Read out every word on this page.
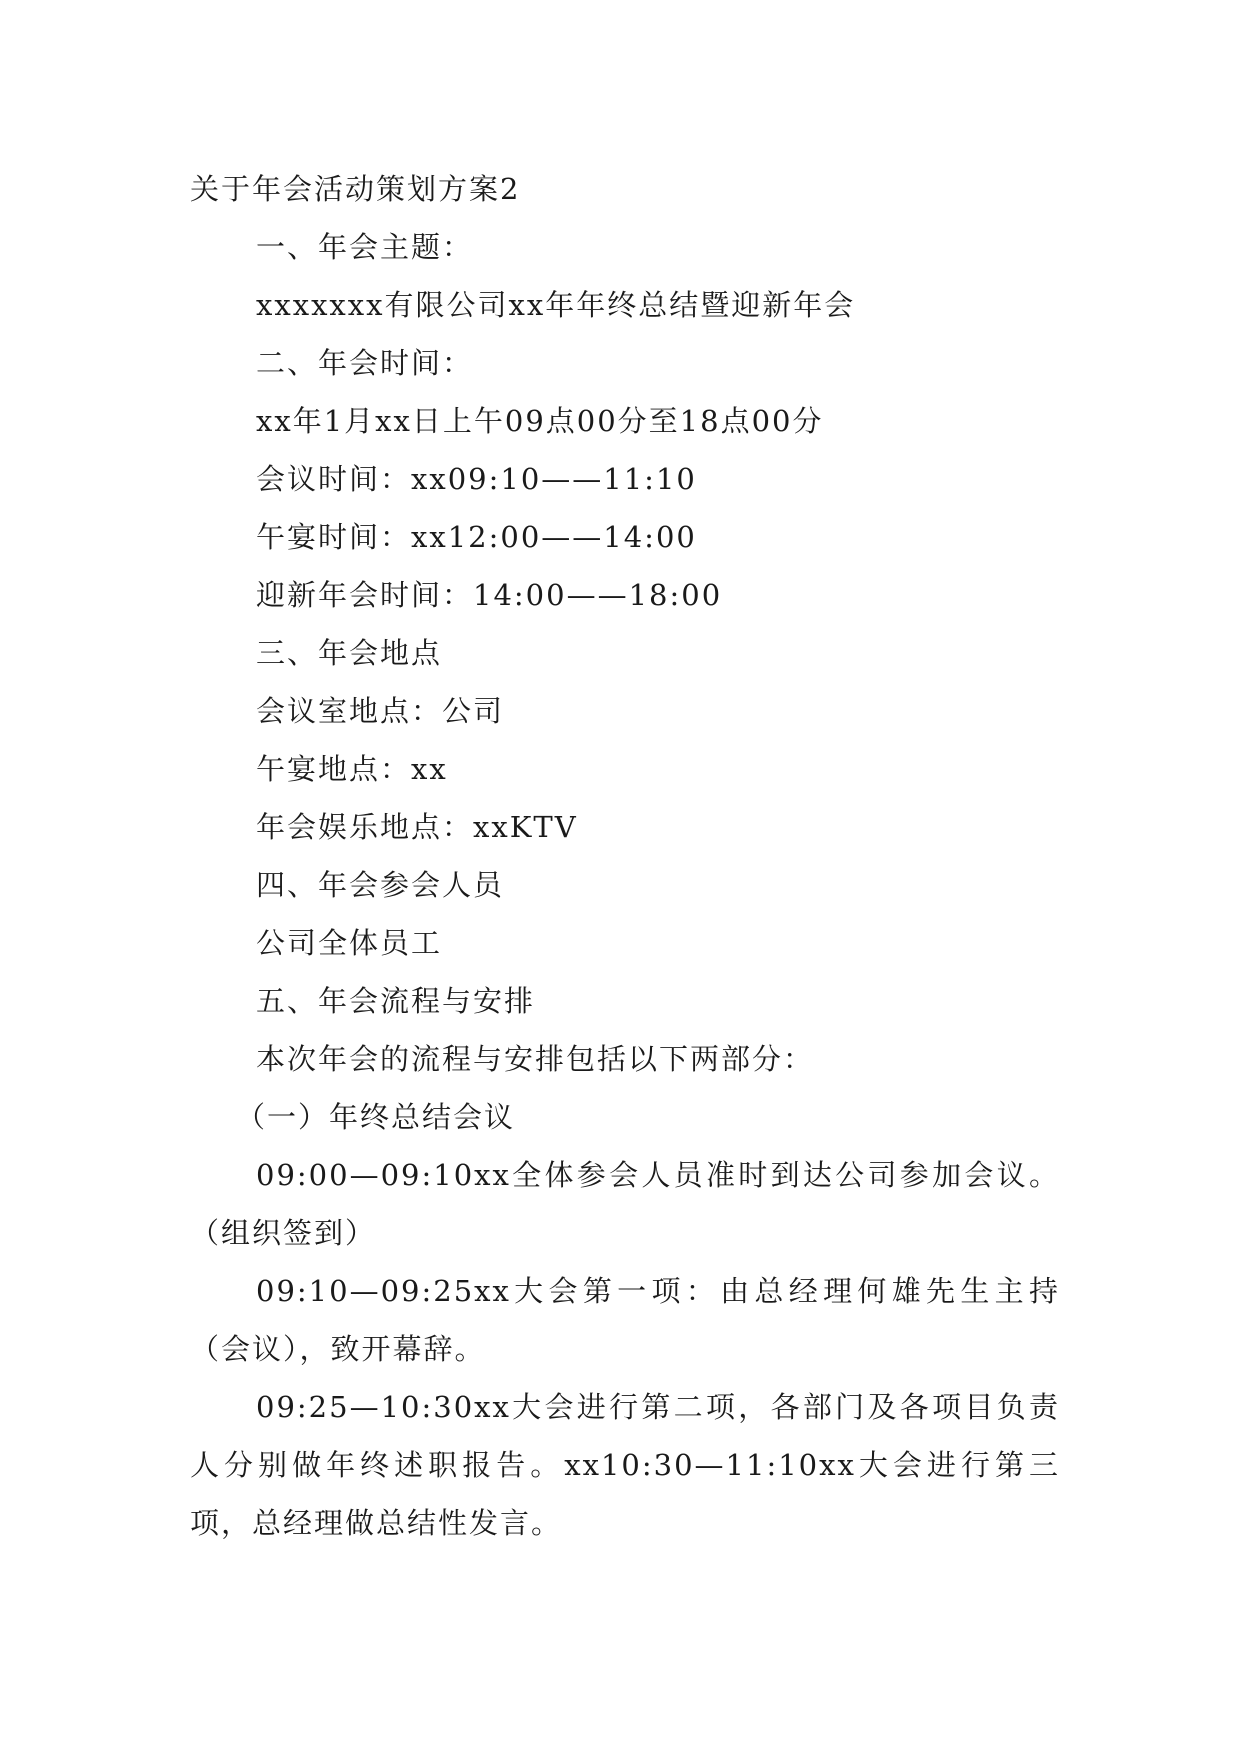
关于年会活动策划方案2
一、年会主题：
xxxxxxx有限公司xx年年终总结暨迎新年会
二、年会时间：
xx年1月xx日上午09点00分至18点00分
会议时间：xx09:10——11:10
午宴时间：xx12:00——14:00
迎新年会时间：14:00——18:00
三、年会地点
会议室地点：公司
午宴地点：xx
年会娱乐地点：xxKTV
四、年会参会人员
公司全体员工
五、年会流程与安排
本次年会的流程与安排包括以下两部分：
（一）年终总结会议

09:00—09:10xx全体参会人员准时到达公司参加会议。（组织签到）

09:10—09:25xx大会第一项：由总经理何雄先生主持（会议），致开幕辞。

09:25—10:30xx大会进行第二项，各部门及各项目负责人分别做年终述职报告。xx10:30—11:10xx大会进行第三项，总经理做总结性发言。
